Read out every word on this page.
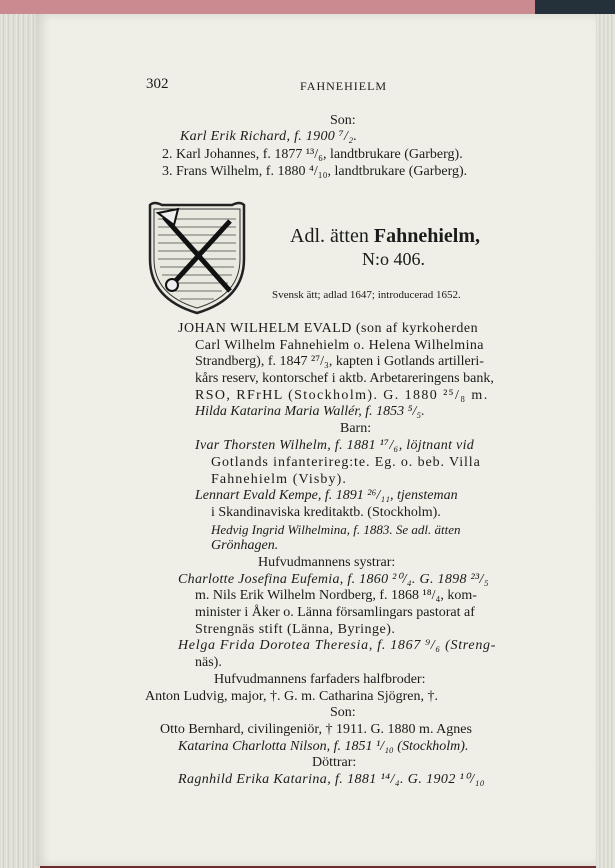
302	FAHNEHIELM
Son:
Karl Erik Richard, f. 1900 ⁷/₂.
2. Karl Johannes, f. 1877 ¹³/₆, landtbrukare (Garberg).
3. Frans Wilhelm, f. 1880 ⁴/₁₀, landtbrukare (Garberg).
Adl. ätten Fahnehielm,
N:o 406.
Svensk ätt; adlad 1647; introducerad 1652.
JOHAN WILHELM EVALD (son af kyrkoherden
Carl Wilhelm Fahnehielm o. Helena Wilhelmina
Strandberg), f. 1847 ²⁷/₃, kapten i Gotlands artilleri-
kårs reserv, kontorschef i aktb. Arbetareringens bank,
RSO, RFrHL (Stockholm). G. 1880 ²⁵/₈ m.
Hilda Katarina Maria Wallér, f. 1853 ⁵/₅.
Barn:
Ivar Thorsten Wilhelm, f. 1881 ¹⁷/₆, löjtnant vid
Gotlands infanterireg:te. Eg. o. beb. Villa
Fahnehielm (Visby).
Lennart Evald Kempe, f. 1891 ²⁶/₁₁, tjensteman
i Skandinaviska kreditaktb. (Stockholm).
Hedvig Ingrid Wilhelmina, f. 1883. Se adl. ätten
Grönhagen.
Hufvudmannens systrar:
Charlotte Josefina Eufemia, f. 1860 ²⁰/₄. G. 1898 ²³/₅
m. Nils Erik Wilhelm Nordberg, f. 1868 ¹⁸/₄, kom-
minister i Åker o. Länna församlingars pastorat af
Strengnäs stift (Länna, Byringe).
Helga Frida Dorotea Theresia, f. 1867 ⁹/₆ (Streng-
näs).
Hufvudmannens farfaders halfbroder:
Anton Ludvig, major, †. G. m. Catharina Sjögren, †.
Son:
Otto Bernhard, civilingeniör, † 1911. G. 1880 m. Agnes
Katarina Charlotta Nilson, f. 1851 ¹/₁₀ (Stockholm).
Döttrar:
Ragnhild Erika Katarina, f. 1881 ¹⁴/₄. G. 1902 ¹⁰/₁₀
